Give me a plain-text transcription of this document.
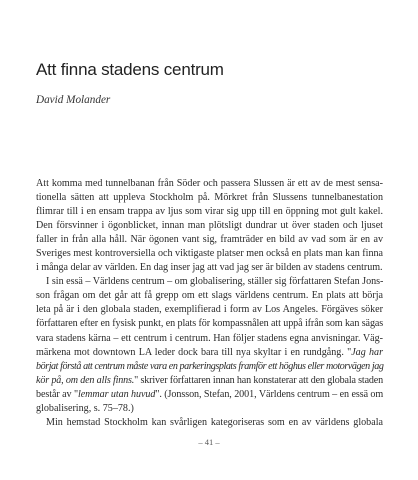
Att finna stadens centrum
David Molander
Att komma med tunnelbanan från Söder och passera Slussen är ett av de mest sensa-
tionella sätten att uppleva Stockholm på. Mörkret från Slussens tunnelbanestation
flimrar till i en ensam trappa av ljus som virar sig upp till en öppning mot gult kakel.
Den försvinner i ögonblicket, innan man plötsligt dundrar ut över staden och ljuset
faller in från alla håll. När ögonen vant sig, framträder en bild av vad som är en av
Sveriges mest kontroversiella och viktigaste platser men också en plats man kan finna
i många delar av världen. En dag inser jag att vad jag ser är bilden av stadens centrum.
I sin essä – Världens centrum – om globalisering, ställer sig författaren Stefan Jons-
son frågan om det går att få grepp om ett slags världens centrum. En plats att börja
leta på är i den globala staden, exemplifierad i form av Los Angeles. Förgäves söker
författaren efter en fysisk punkt, en plats för kompassnålen att uppå ifrån som kan sägas
vara stadens kärna – ett centrum i centrum. Han följer stadens egna anvisningar. Väg-
märkena mot downtown LA leder dock bara till nya skyltar i en rundgång. "Jag har
börjat förstå att centrum måste vara en parkeringsplats framför ett höghus eller motorvägen jag
kör på, om den alls finns." skriver författaren innan han konstaterar att den globala staden
består av "lemmar utan huvud". (Jonsson, Stefan, 2001, Världens centrum – en essä om
globalisering, s. 75–78.)
Min hemstad Stockholm kan svårligen kategoriseras som en av världens globala
– 41 –
